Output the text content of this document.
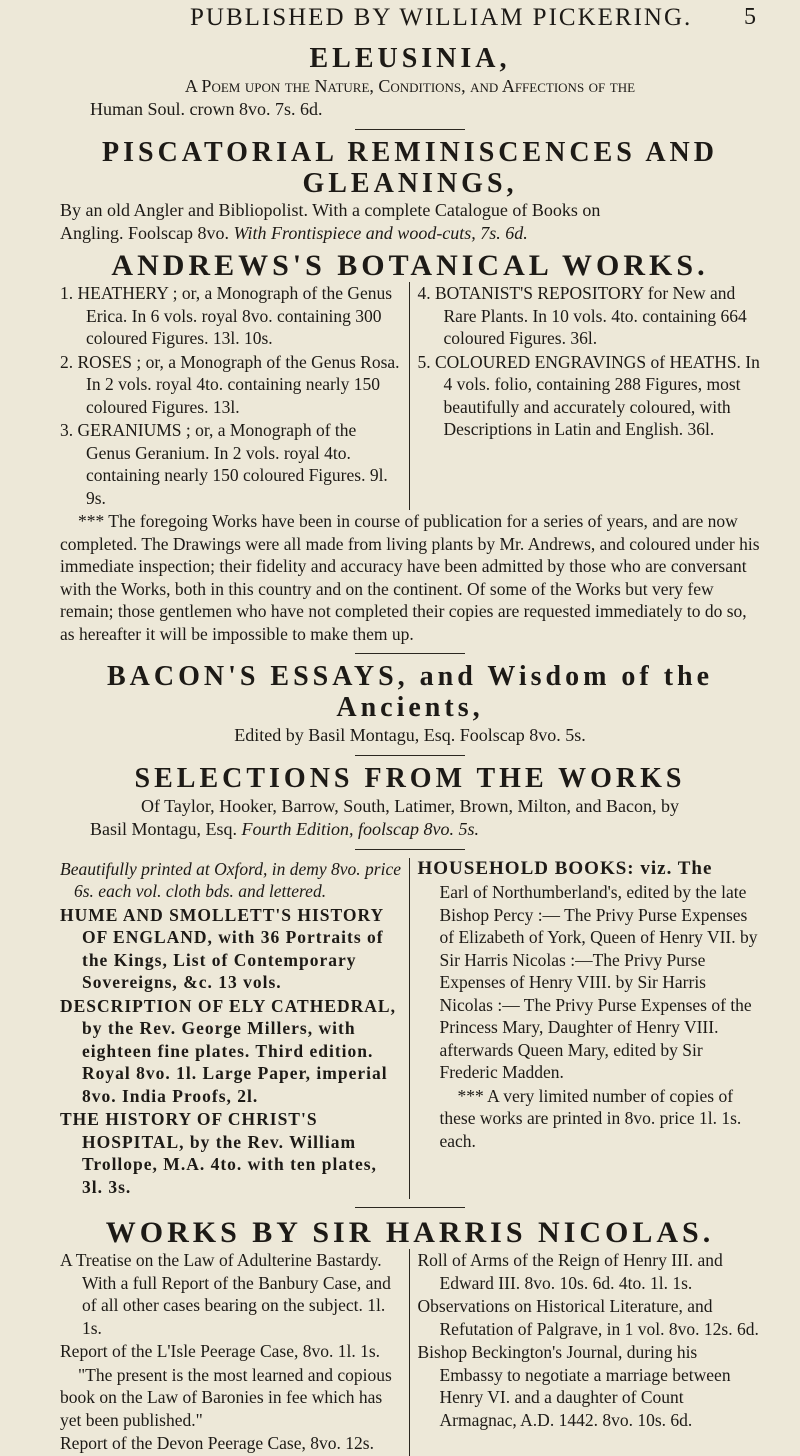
PUBLISHED BY WILLIAM PICKERING. 5
ELEUSINIA,

A Poem upon the Nature, Conditions, and Affections of the

Human Soul. crown 8vo. 7s. 6d.

PISCATORIAL REMINISCENCES AND GLEANINGS,

By an old Angler and Bibliopolist. With a complete Catalogue of Books on

Angling. Foolscap 8vo. With Frontispiece and wood-cuts, 7s. 6d.

ANDREWS'S BOTANICAL WORKS.

1. HEATHERY ; or, a Monograph of the Genus Erica. In 6 vols. royal 8vo. containing 300 coloured Figures. 13l. 10s.

2. ROSES ; or, a Monograph of the Genus Rosa. In 2 vols. royal 4to. containing nearly 150 coloured Figures. 13l.

3. GERANIUMS ; or, a Monograph of the Genus Geranium. In 2 vols. royal 4to. containing nearly 150 coloured Figures. 9l. 9s.

4. BOTANIST'S REPOSITORY for New and Rare Plants. In 10 vols. 4to. containing 664 coloured Figures. 36l.

5. COLOURED ENGRAVINGS of HEATHS. In 4 vols. folio, containing 288 Figures, most beautifully and accurately coloured, with Descriptions in Latin and English. 36l.

*** The foregoing Works have been in course of publication for a series of years, and are now completed. The Drawings were all made from living plants by Mr. Andrews, and coloured under his immediate inspection; their fidelity and accuracy have been admitted by those who are conversant with the Works, both in this country and on the continent. Of some of the Works but very few remain; those gentlemen who have not completed their copies are requested immediately to do so, as hereafter it will be impossible to make them up.

BACON'S ESSAYS, and Wisdom of the Ancients,

Edited by Basil Montagu, Esq. Foolscap 8vo. 5s.

SELECTIONS FROM THE WORKS

Of Taylor, Hooker, Barrow, South, Latimer, Brown, Milton, and Bacon, by

Basil Montagu, Esq. Fourth Edition, foolscap 8vo. 5s.

Beautifully printed at Oxford, in demy 8vo. price 6s. each vol. cloth bds. and lettered.

HUME AND SMOLLETT'S HISTORY OF ENGLAND, with 36 Portraits of the Kings, List of Contemporary Sovereigns, &c. 13 vols.

DESCRIPTION OF ELY CATHEDRAL, by the Rev. George Millers, with eighteen fine plates. Third edition. Royal 8vo. 1l. Large Paper, imperial 8vo. India Proofs, 2l.

THE HISTORY OF CHRIST'S HOSPITAL, by the Rev. William Trollope, M.A. 4to. with ten plates, 3l. 3s.

HOUSEHOLD BOOKS: viz. The

Earl of Northumberland's, edited by the late Bishop Percy :— The Privy Purse Expenses of Elizabeth of York, Queen of Henry VII. by Sir Harris Nicolas :—The Privy Purse Expenses of Henry VIII. by Sir Harris Nicolas :— The Privy Purse Expenses of the Princess Mary, Daughter of Henry VIII. afterwards Queen Mary, edited by Sir Frederic Madden.

*** A very limited number of copies of these works are printed in 8vo. price 1l. 1s. each.

WORKS BY SIR HARRIS NICOLAS.

A Treatise on the Law of Adulterine Bastardy. With a full Report of the Banbury Case, and of all other cases bearing on the subject. 1l. 1s.

Report of the L'Isle Peerage Case, 8vo. 1l. 1s.

"The present is the most learned and copious book on the Law of Baronies in fee which has yet been published."

Report of the Devon Peerage Case, 8vo. 12s.

Roll of Arms of the Reign of Henry III. and Edward III. 8vo. 10s. 6d. 4to. 1l. 1s.

Observations on Historical Literature, and Refutation of Palgrave, in 1 vol. 8vo. 12s. 6d.

Bishop Beckington's Journal, during his Embassy to negotiate a marriage between Henry VI. and a daughter of Count Armagnac, A.D. 1442. 8vo. 10s. 6d.
